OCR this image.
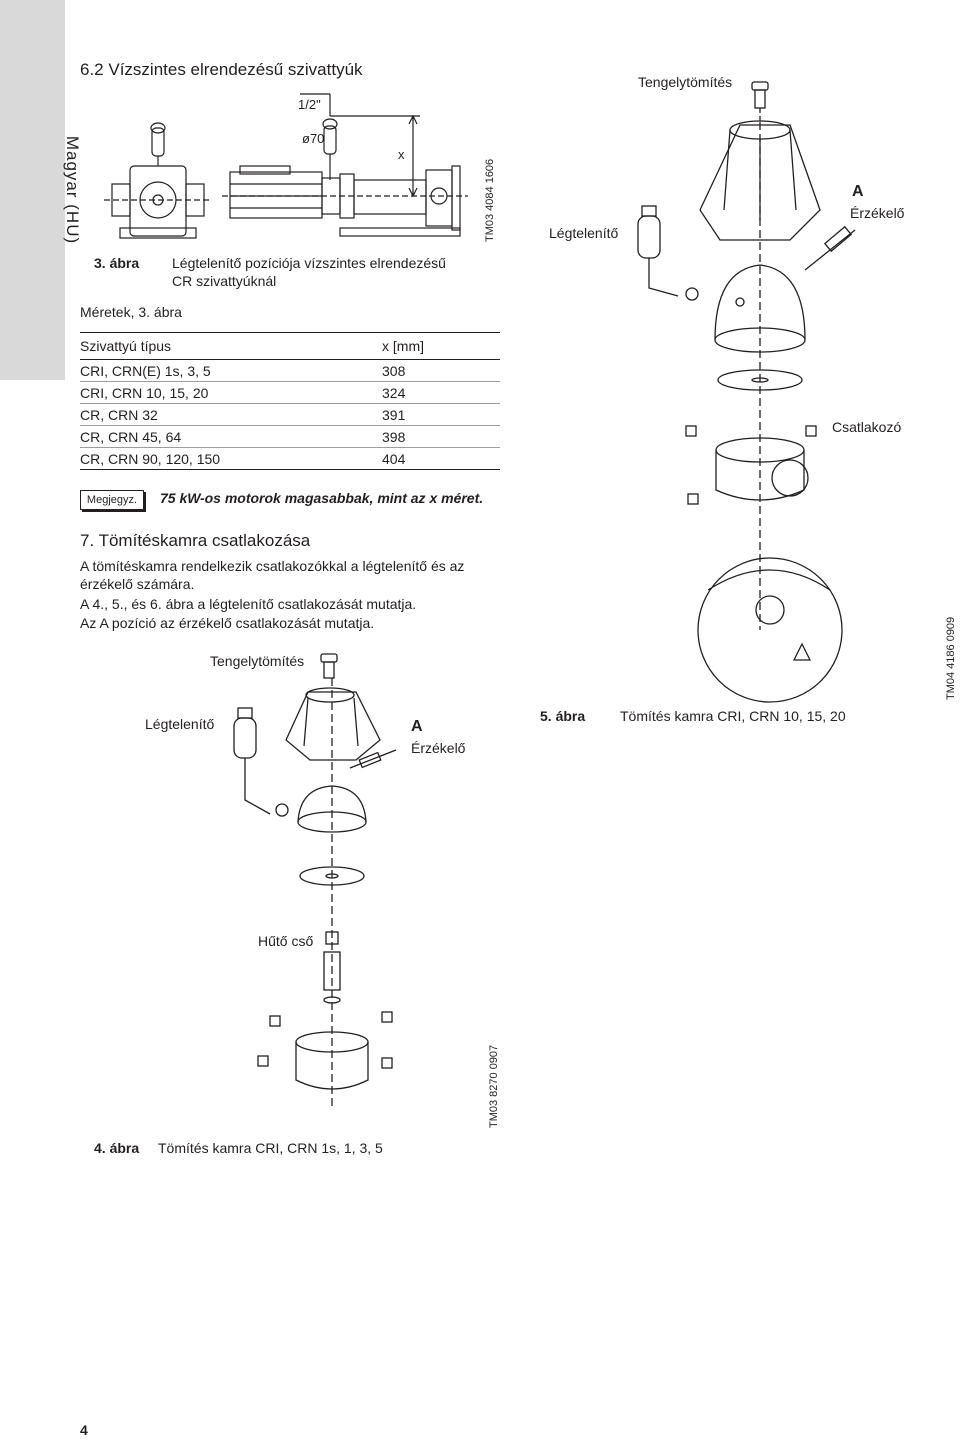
Magyar (HU)
6.2 Vízszintes elrendezésű szivattyúk
1/2"
ø70
x
TM03 4084 1606
3. ábra Légtelenítő pozíciója vízszintes elrendezésű
CR szivattyúknál
Méretek, 3. ábra
Szivattyú típus	x [mm]
CRI, CRN(E) 1s, 3, 5	308
CRI, CRN 10, 15, 20	324
CR, CRN 32	391
CR, CRN 45, 64	398
CR, CRN 90, 120, 150	404
Megjegyz.	75 kW-os motorok magasabbak, mint az x méret.
7. Tömítéskamra csatlakozása
A tömítéskamra rendelkezik csatlakozókkal a légtelenítő és az
érzékelő számára.
A 4., 5., és 6. ábra a légtelenítő csatlakozását mutatja.
Az A pozíció az érzékelő csatlakozását mutatja.
Tengelytömítés
A
Érzékelő
Légtelenítő
Csatlakozó
TM04 4186 0909
5. ábra Tömítés kamra CRI, CRN 10, 15, 20
Tengelytömítés
Légtelenítő	A
Érzékelő
Hűtő cső
TM03 8270 0907
4. ábra Tömítés kamra CRI, CRN 1s, 1, 3, 5
4
